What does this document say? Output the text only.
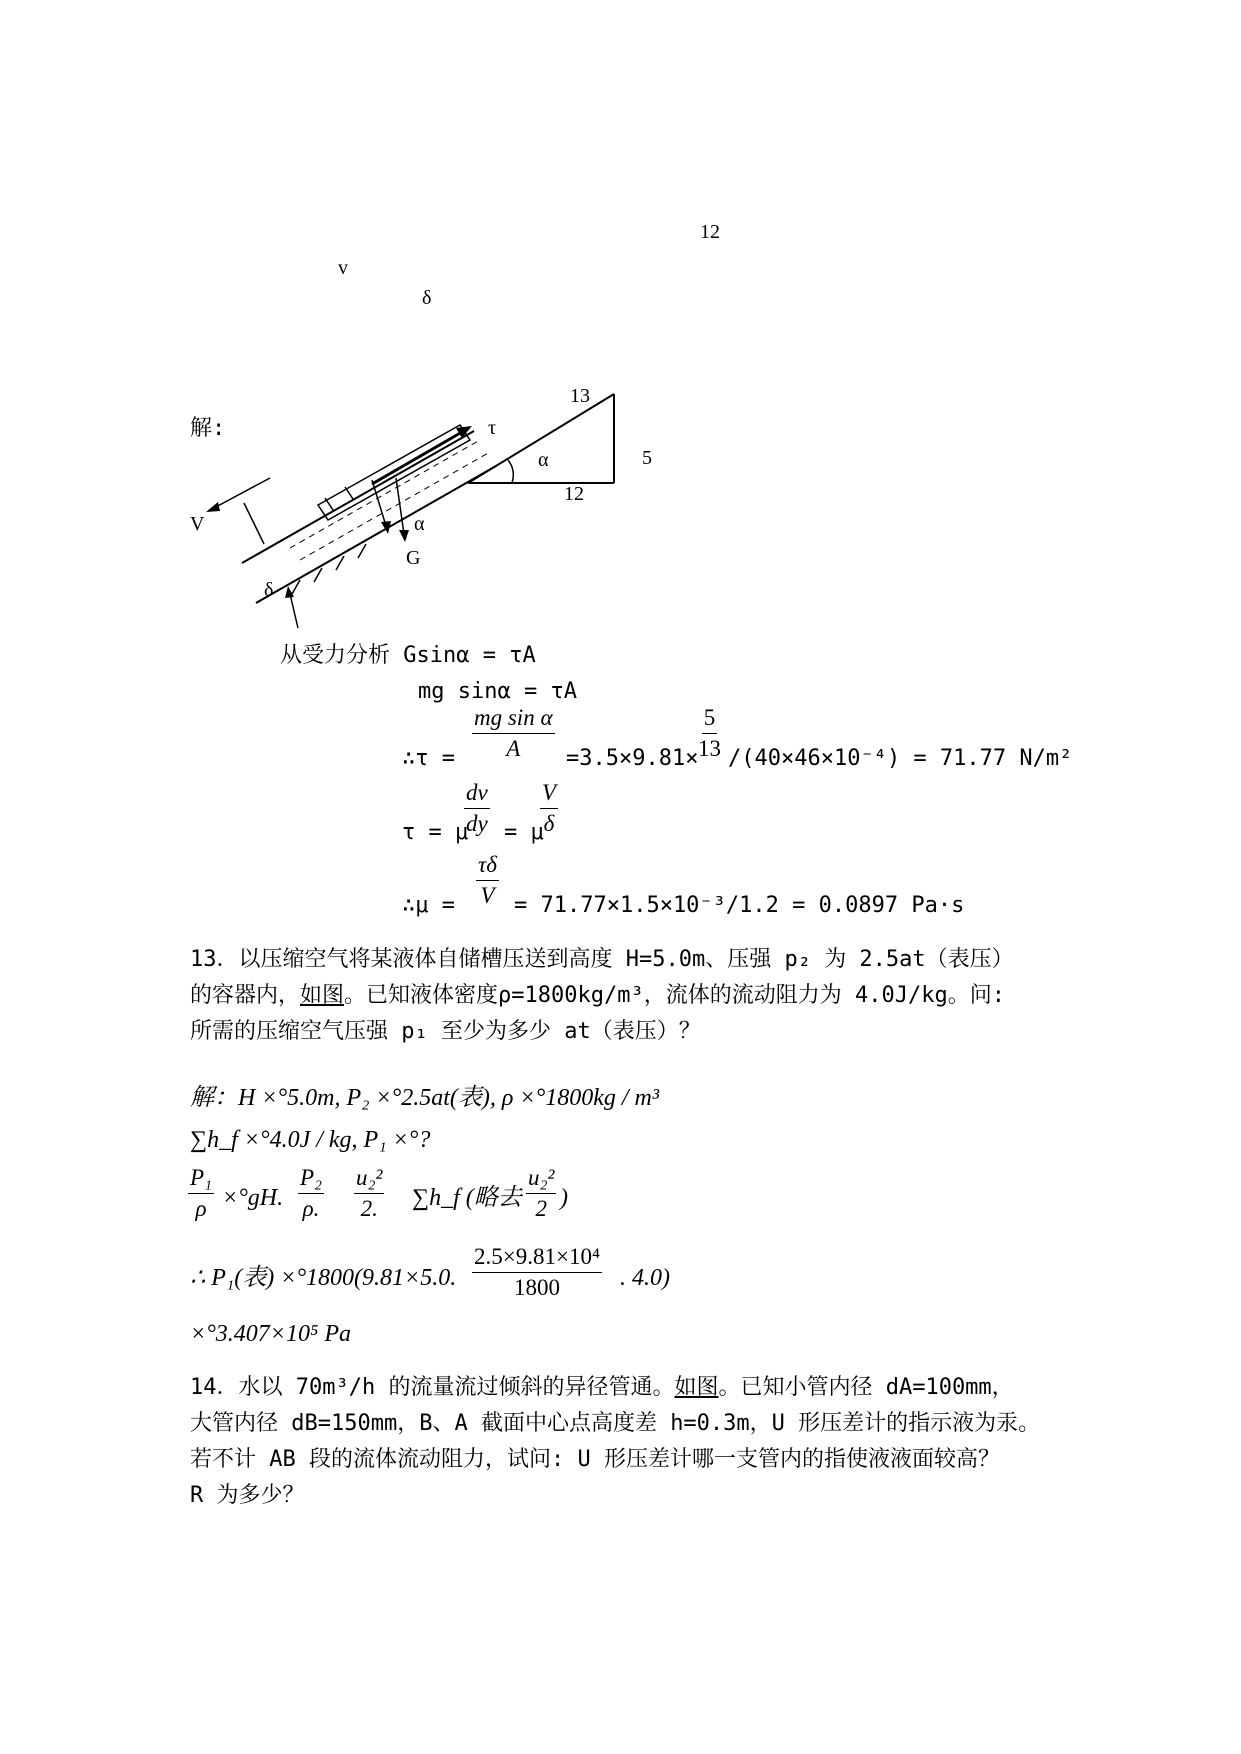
12
v
δ
解:
13
5
12
α
τ
V	α
G
δ
从受力分析 Gsinα = τA
mg sinα = τA
∴τ = $\frac{\text{mg sin α}}{A} =3.5\times 9.81\times$
$\frac{5}{13} /(40\times 46\times 10^{-4}) = 71.77$ N/m²
τ = μ
$\frac{dv}{dy} = \mu$
$\frac{V}{\delta}$
∴μ = $\frac{\tau\delta}{V} = 71.77\times 1.5\times 10^{-3}/1.2 = 0.0897$ Pa·s
13．以压缩空气将某液体自储槽压送到高度 H=5.0m、压强 p₂ 为 2.5at（表压）
的容器内，如图。已知液体密度ρ=1800kg/m³，流体的流动阻力为 4.0J/kg。问:
所需的压缩空气压强 p₁ 至少为多少 at（表压）？
解：H ×°5.0m, P₂ ×°2.5at(表), ρ ×°1800kg / m³
∑h_f ×°4.0J / kg, P₁ ×°?
$\frac{\text{P₁}}{\rho} \times^\circ gH$. $\frac{\text{P₂}}{\rho.} \frac{\text{u₂²}}{2.}$ ∑h_f (略去 $\frac{\text{u₂²}}{2}$ )
∴ P₁(表) ×°1800(9.81×5.0. $\frac{\text{2.5×9.81×10⁴}}{1800}$ . 4.0)
×°3.407×10⁵ Pa
14．水以 70m³/h 的流量流过倾斜的异径管通。如图。已知小管内径 dA=100mm，
大管内径 dB=150mm，B、A 截面中心点高度差 h=0.3m，U 形压差计的指示液为汞。
若不计 AB 段的流体流动阻力，试问: U 形压差计哪一支管内的指使液液面较高？
R 为多少？
